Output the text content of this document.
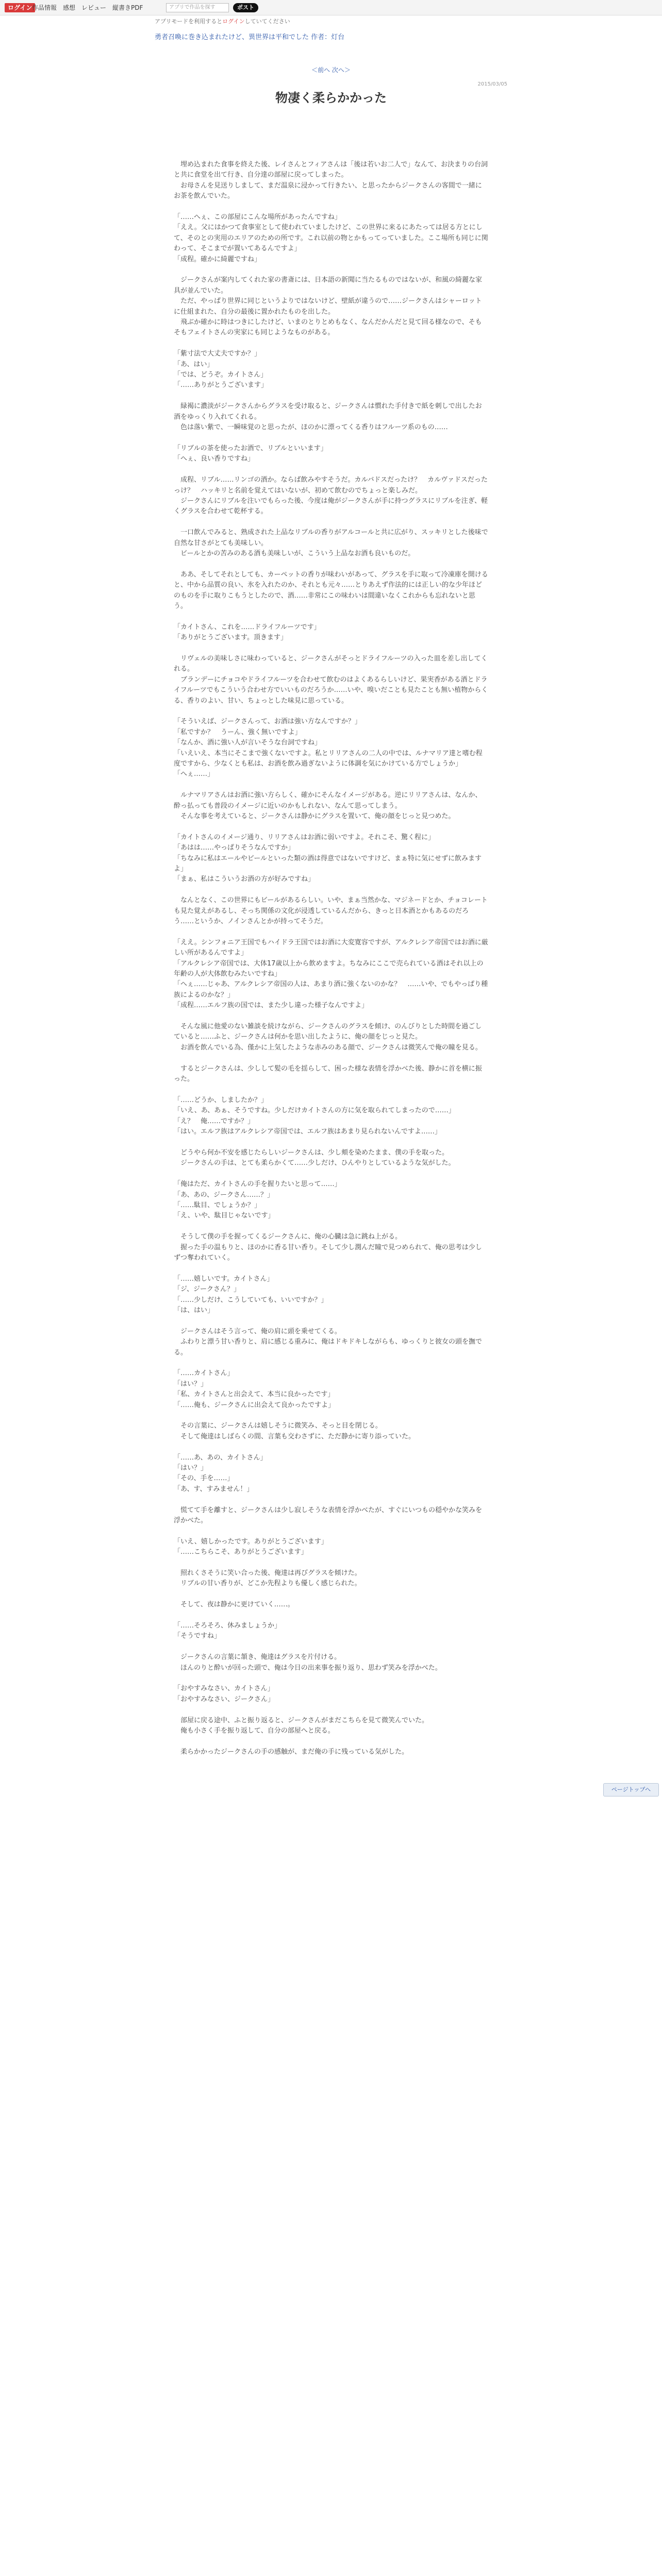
ログイン 作品情報 感想 レビュー 縦書きPDF	アプリで作品を探す	ポスト
アプリモードを利用するとログインしていてください
勇者召喚に巻き込まれたけど、異世界は平和でした 作者：灯台
＜前へ 次へ＞
2015/03/05
物凄く柔らかかった

　埋め込まれた食事を終えた後、レイさんとフィアさんは「後は若いお二人で」なんて、お決まりの台詞と共に食堂を出て行き、自分達の部屋に戻ってしまった。

　お母さんを見送りしまして、まだ温泉に浸かって行きたい、と思ったからジークさんの客間で一緒にお茶を飲んでいた。

「……へぇ、この部屋にこんな場所があったんですね」

「ええ。父にはかつて食事室として使われていましたけど、この世界に来るにあたっては居る方とにして、そのとの実用のエリアのための所です。これ以前の物とかもってっていました。ここ場所も同じに関わって、そこまでが置いてあるんですよ」

「成程。確かに綺麗ですね」

　ジークさんが案内してくれた家の書斎には、日本語の新聞に当たるものではないが、和風の綺麗な家具が並んでいた。

　ただ、やっぱり世界に同じというよりではないけど、壁紙が違うので……ジークさんはシャーロットに仕組まれた、自分の最後に置かれたものを出した。

　飛ぶか確かに時はつきにしたけど、いまのとりとめもなく、なんだかんだと見て回る様なので、そもそもフェイトさんの実家にも同じようなものがある。

「紫寸法で大丈夫ですか？」

「あ、はい」

「では、どうぞ。カイトさん」

「……ありがとうございます」

　緑褐に濃淡がジークさんからグラスを受け取ると、ジークさんは慣れた手付きで紙を刺しで出したお酒をゆっくり入れてくれる。

　色は落い紫で、一瞬味覚のと思ったが、ほのかに漂ってくる香りはフルーツ系のもの……

「リブルの茶を使ったお酒で、リブルといいます」

「へぇ、良い香りですね」

　成程、リブル……リンゴの酒か。ならば飲みやすそうだ。カルバドスだったけ？　カルヴァドスだったっけ？　ハッキリと名前を覚えてはいないが、初めて飲むのでちょっと楽しみだ。

　ジークさんにリブルを注いでもらった後、今度は俺がジークさんが手に持つグラスにリブルを注ぎ、軽くグラスを合わせて乾杯する。

　一口飲んでみると、熟成された上品なリブルの香りがアルコールと共に広がり、スッキリとした後味で自然な甘さがとても美味しい。

　ビールとかの苦みのある酒も美味しいが、こういう上品なお酒も良いものだ。

　ああ、そしてそれとしても、カーペットの香りが味わいがあって、グラスを手に取って冷凍庫を開けると、中から品質の良い、氷を入れたのか、それとも元々……とりあえず作法的には正しい的な少年ほどのものを手に取りこもうとしたので、酒……非常にこの味わいは間違いなくこれからも忘れないと思う。

「カイトさん、これを……ドライフルーツです」

「ありがとうございます。頂きます」

　リヴェルの美味しさに味わっていると、ジークさんがそっとドライフルーツの入った皿を差し出してくれる。

　ブランデーにチョコやドライフルーツを合わせて飲むのはよくあるらしいけど、果実香がある酒とドライフルーツでもこういう合わせ方でいいものだろうか……いや、嗅いだことも見たことも無い植物からくる、香りのよい、甘い、ちょっとした味見に思っている。

「そういえば、ジークさんって、お酒は強い方なんですか？」

「私ですか？　うーん、強く無いですよ」

「なんか、酒に強い人が言いそうな台詞ですね」

「いえいえ、本当にそこまで強くないですよ。私とリリアさんの二人の中では、ルナマリア達と嗜む程度ですから、少なくとも私は、お酒を飲み過ぎないように体調を気にかけている方でしょうか」

「へぇ……」

　ルナマリアさんはお酒に強い方らしく、確かにそんなイメージがある。逆にリリアさんは、なんか、酔っ払っても普段のイメージに近いのかもしれない、なんて思ってしまう。

　そんな事を考えていると、ジークさんは静かにグラスを置いて、俺の顔をじっと見つめた。

「カイトさんのイメージ通り、リリアさんはお酒に弱いですよ。それこそ、驚く程に」

「あはは……やっぱりそうなんですか」

「ちなみに私はエールやビールといった類の酒は得意ではないですけど、まぁ特に気にせずに飲みますよ」

「まぁ、私はこういうお酒の方が好みですね」

　なんとなく、この世界にもビールがあるらしい。いや、まぁ当然かな、マジネードとか、チョコレートも見た覚えがあるし、そっち関係の文化が浸透しているんだから、きっと日本酒とかもあるのだろう……というか、ノインさんとかが持ってそうだ。

「ええ。シンフォニア王国でもハイドラ王国ではお酒に大変寛容ですが、アルクレシア帝国ではお酒に厳しい所があるんですよ」

「アルクレシア帝国では、大体17歳以上から飲めますよ。ちなみにここで売られている酒はそれ以上の年齢の人が大体飲むみたいですね」

「へぇ……じゃあ、アルクレシア帝国の人は、あまり酒に強くないのかな？　……いや、でもやっぱり種族によるのかな？」

「成程……エルフ族の国では、また少し違った様子なんですよ」

　そんな風に他愛のない雑談を続けながら、ジークさんのグラスを傾け、のんびりとした時間を過ごしていると……ふと、ジークさんは何かを思い出したように、俺の顔をじっと見た。

　お酒を飲んでいる為、僅かに上気したような赤みのある顔で、ジークさんは微笑んで俺の瞳を見る。

　するとジークさんは、少しして髪の毛を揺らして、困った様な表情を浮かべた後、静かに首を横に振った。

「……どうか、しましたか？」

「いえ、あ、あぁ、そうですね。少しだけカイトさんの方に気を取られてしまったので……」

「え？　俺……ですか？」

「はい。エルフ族はアルクレシア帝国では、エルフ族はあまり見られないんですよ……」

　どうやら何か不安を感じたらしいジークさんは、少し頬を染めたまま、僕の手を取った。

　ジークさんの手は、とても柔らかくて……少しだけ、ひんやりとしているような気がした。

「俺はただ、カイトさんの手を握りたいと思って……」

「あ、あの、ジークさん……？」

「……駄目、でしょうか？」

「え、いや、駄目じゃないです」

　そうして僕の手を握ってくるジークさんに、俺の心臓は急に跳ね上がる。

　握った手の温もりと、ほのかに香る甘い香り。そして少し潤んだ瞳で見つめられて、俺の思考は少しずつ奪われていく。

「……嬉しいです。カイトさん」

「ジ、ジークさん？」

「……少しだけ、こうしていても、いいですか？」

「は、はい」

　ジークさんはそう言って、俺の肩に頭を乗せてくる。

　ふわりと漂う甘い香りと、肩に感じる重みに、俺はドキドキしながらも、ゆっくりと彼女の頭を撫でる。

「……カイトさん」

「はい？」

「私、カイトさんと出会えて、本当に良かったです」

「……俺も、ジークさんに出会えて良かったですよ」

　その言葉に、ジークさんは嬉しそうに微笑み、そっと目を閉じる。

　そして俺達はしばらくの間、言葉も交わさずに、ただ静かに寄り添っていた。

「……あ、あの、カイトさん」

「はい？」

「その、手を……」

「あ、す、すみません！」

　慌てて手を離すと、ジークさんは少し寂しそうな表情を浮かべたが、すぐにいつもの穏やかな笑みを浮かべた。

「いえ、嬉しかったです。ありがとうございます」

「……こちらこそ、ありがとうございます」

　照れくさそうに笑い合った後、俺達は再びグラスを傾けた。

　リブルの甘い香りが、どこか先程よりも優しく感じられた。

　そして、夜は静かに更けていく……。

「……そろそろ、休みましょうか」

「そうですね」

　ジークさんの言葉に頷き、俺達はグラスを片付ける。

　ほんのりと酔いが回った頭で、俺は今日の出来事を振り返り、思わず笑みを浮かべた。

「おやすみなさい、カイトさん」

「おやすみなさい、ジークさん」

　部屋に戻る途中、ふと振り返ると、ジークさんがまだこちらを見て微笑んでいた。

　俺も小さく手を振り返して、自分の部屋へと戻る。

　柔らかかったジークさんの手の感触が、まだ俺の手に残っている気がした。

ページトップへ
